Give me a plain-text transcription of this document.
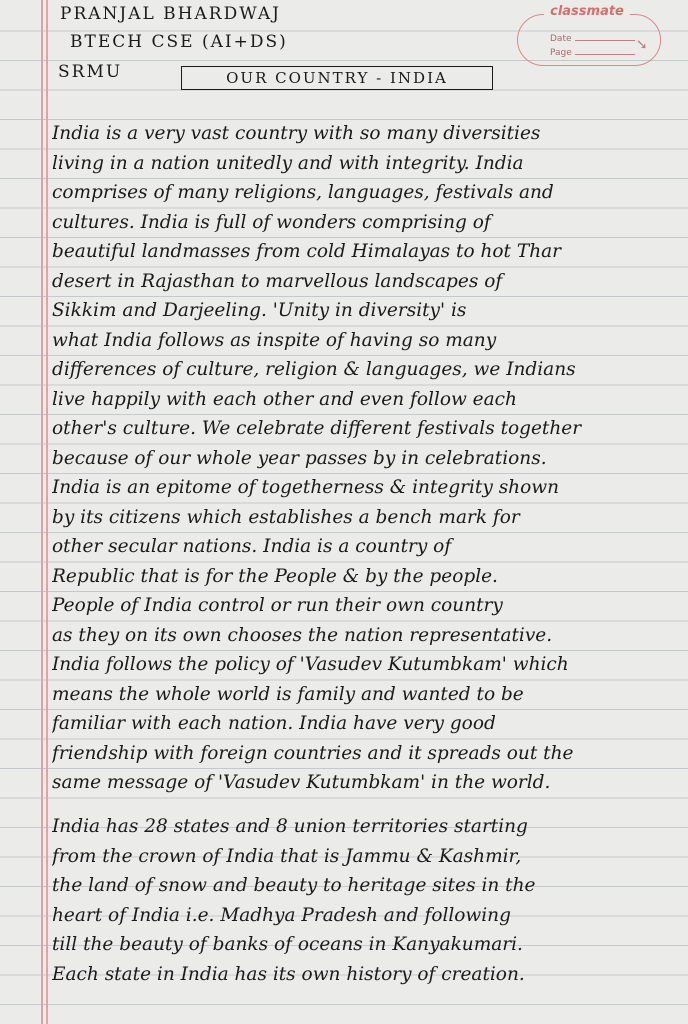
Date
Page	➘
classmate
PRANJAL BHARDWAJ
BTECH CSE (AI+DS)
SRMU	OUR COUNTRY - INDIA
India is a very vast country with so many diversities
living in a nation unitedly and with integrity. India
comprises of many religions, languages, festivals and
cultures. India is full of wonders comprising of
beautiful landmasses from cold Himalayas to hot Thar
desert in Rajasthan to marvellous landscapes of
Sikkim and Darjeeling. 'Unity in diversity' is
what India follows as inspite of having so many
differences of culture, religion & languages, we Indians
live happily with each other and even follow each
other's culture. We celebrate different festivals together
because of our whole year passes by in celebrations.
India is an epitome of togetherness & integrity shown
by its citizens which establishes a bench mark for
other secular nations. India is a country of
Republic that is for the People & by the people.
People of India control or run their own country
as they on its own chooses the nation representative.
India follows the policy of 'Vasudev Kutumbkam' which
means the whole world is family and wanted to be
familiar with each nation. India have very good
friendship with foreign countries and it spreads out the
same message of 'Vasudev Kutumbkam' in the world.
India has 28 states and 8 union territories starting
from the crown of India that is Jammu & Kashmir,
the land of snow and beauty to heritage sites in the
heart of India i.e. Madhya Pradesh and following
till the beauty of banks of oceans in Kanyakumari.
Each state in India has its own history of creation.
